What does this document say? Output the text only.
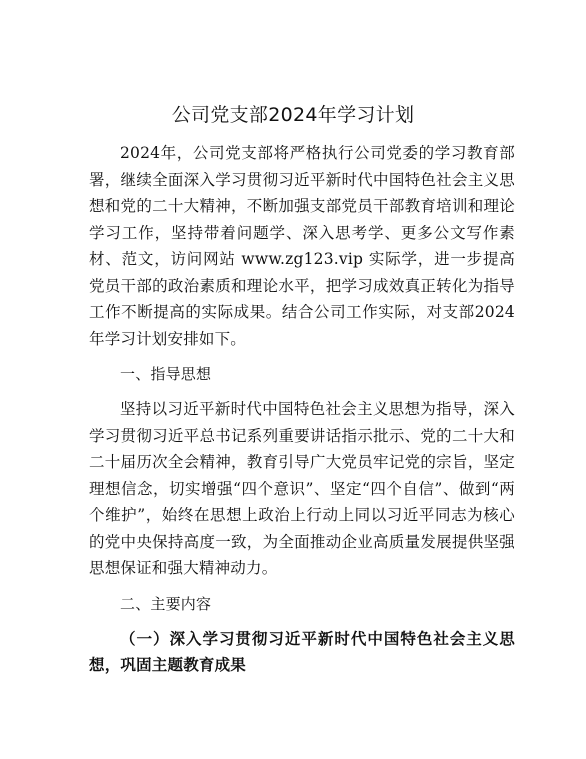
公司党支部2024年学习计划

2024年，公司党支部将严格执行公司党委的学习教育部署，继续全面深入学习贯彻习近平新时代中国特色社会主义思想和党的二十大精神，不断加强支部党员干部教育培训和理论学习工作，坚持带着问题学、深入思考学、更多公文写作素材、范文，访问网站 www.zg123.vip 实际学，进一步提高党员干部的政治素质和理论水平，把学习成效真正转化为指导工作不断提高的实际成果。结合公司工作实际，对支部2024年学习计划安排如下。

一、指导思想

坚持以习近平新时代中国特色社会主义思想为指导，深入学习贯彻习近平总书记系列重要讲话指示批示、党的二十大和二十届历次全会精神，教育引导广大党员牢记党的宗旨，坚定理想信念，切实增强“四个意识”、坚定“四个自信”、做到“两个维护”，始终在思想上政治上行动上同以习近平同志为核心的党中央保持高度一致，为全面推动企业高质量发展提供坚强思想保证和强大精神动力。

二、主要内容

（一）深入学习贯彻习近平新时代中国特色社会主义思想，巩固主题教育成果
